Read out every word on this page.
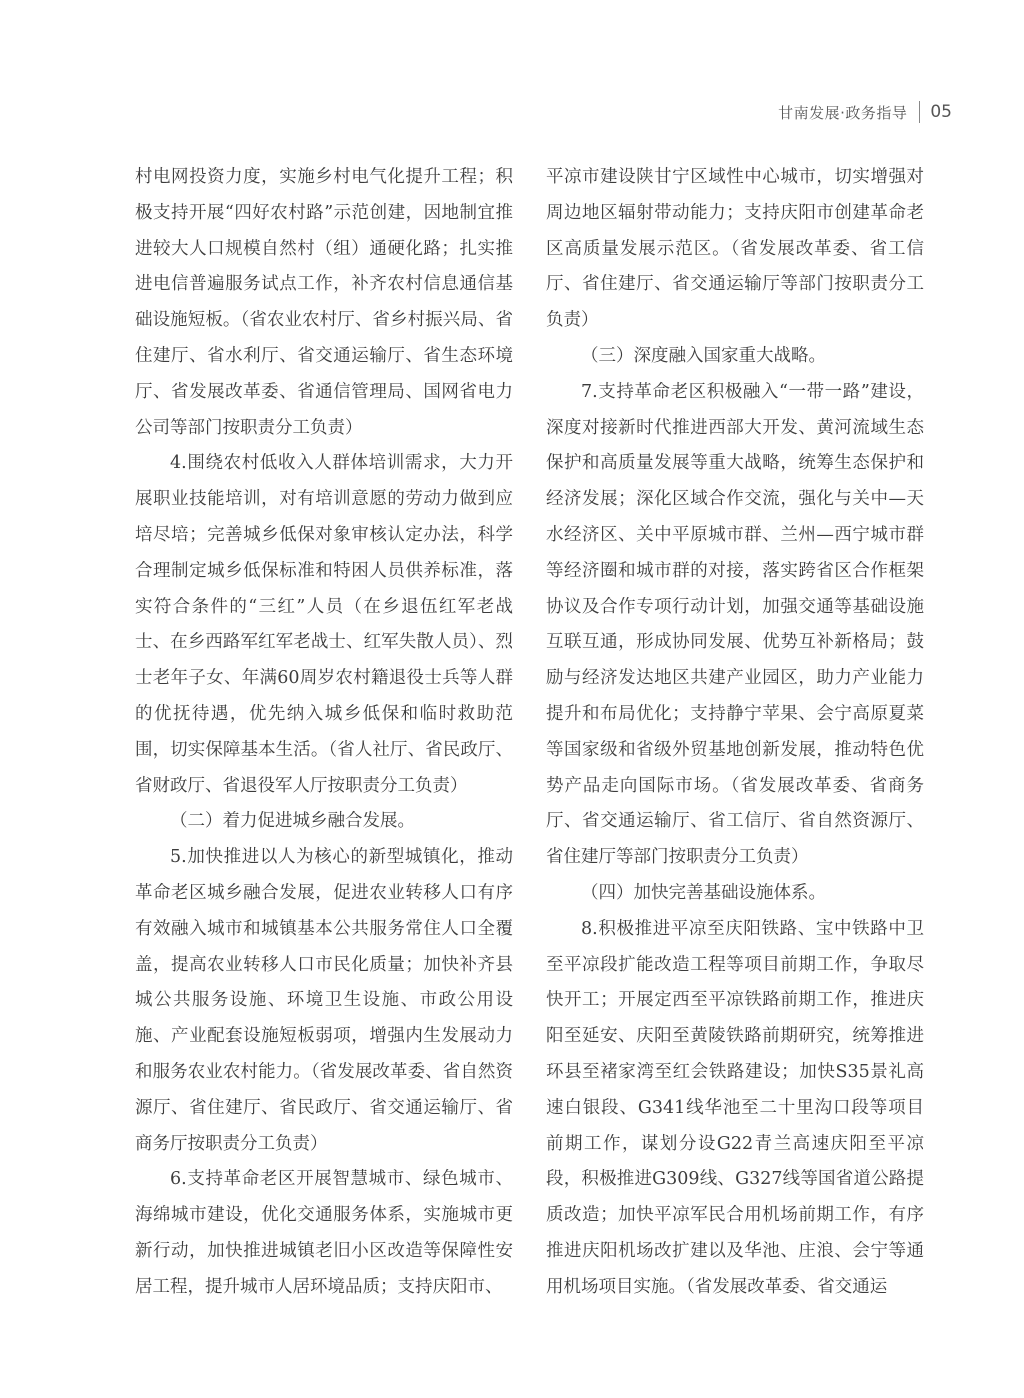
甘南发展·政务指导 05

村电网投资力度，实施乡村电气化提升工程；积极支持开展“四好农村路”示范创建，因地制宜推进较大人口规模自然村（组）通硬化路；扎实推进电信普遍服务试点工作，补齐农村信息通信基础设施短板。（省农业农村厅、省乡村振兴局、省住建厅、省水利厅、省交通运输厅、省生态环境厅、省发展改革委、省通信管理局、国网省电力公司等部门按职责分工负责）

4.围绕农村低收入人群体培训需求，大力开展职业技能培训，对有培训意愿的劳动力做到应培尽培；完善城乡低保对象审核认定办法，科学合理制定城乡低保标准和特困人员供养标准，落实符合条件的“三红”人员（在乡退伍红军老战士、在乡西路军红军老战士、红军失散人员）、烈士老年子女、年满60周岁农村籍退役士兵等人群的优抚待遇，优先纳入城乡低保和临时救助范围，切实保障基本生活。（省人社厅、省民政厅、省财政厅、省退役军人厅按职责分工负责）

（二）着力促进城乡融合发展。

5.加快推进以人为核心的新型城镇化，推动革命老区城乡融合发展，促进农业转移人口有序有效融入城市和城镇基本公共服务常住人口全覆盖，提高农业转移人口市民化质量；加快补齐县城公共服务设施、环境卫生设施、市政公用设施、产业配套设施短板弱项，增强内生发展动力和服务农业农村能力。（省发展改革委、省自然资源厅、省住建厅、省民政厅、省交通运输厅、省商务厅按职责分工负责）

6.支持革命老区开展智慧城市、绿色城市、海绵城市建设，优化交通服务体系，实施城市更新行动，加快推进城镇老旧小区改造等保障性安居工程，提升城市人居环境品质；支持庆阳市、

平凉市建设陕甘宁区域性中心城市，切实增强对周边地区辐射带动能力；支持庆阳市创建革命老区高质量发展示范区。（省发展改革委、省工信厅、省住建厅、省交通运输厅等部门按职责分工负责）

（三）深度融入国家重大战略。

7.支持革命老区积极融入“一带一路”建设，深度对接新时代推进西部大开发、黄河流域生态保护和高质量发展等重大战略，统筹生态保护和经济发展；深化区域合作交流，强化与关中—天水经济区、关中平原城市群、兰州—西宁城市群等经济圈和城市群的对接，落实跨省区合作框架协议及合作专项行动计划，加强交通等基础设施互联互通，形成协同发展、优势互补新格局；鼓励与经济发达地区共建产业园区，助力产业能力提升和布局优化；支持静宁苹果、会宁高原夏菜等国家级和省级外贸基地创新发展，推动特色优势产品走向国际市场。（省发展改革委、省商务厅、省交通运输厅、省工信厅、省自然资源厅、省住建厅等部门按职责分工负责）

（四）加快完善基础设施体系。

8.积极推进平凉至庆阳铁路、宝中铁路中卫至平凉段扩能改造工程等项目前期工作，争取尽快开工；开展定西至平凉铁路前期工作，推进庆阳至延安、庆阳至黄陵铁路前期研究，统筹推进环县至褚家湾至红会铁路建设；加快S35景礼高速白银段、G341线华池至二十里沟口段等项目前期工作，谋划分设G22青兰高速庆阳至平凉段，积极推进G309线、G327线等国省道公路提质改造；加快平凉军民合用机场前期工作，有序推进庆阳机场改扩建以及华池、庄浪、会宁等通用机场项目实施。（省发展改革委、省交通运
